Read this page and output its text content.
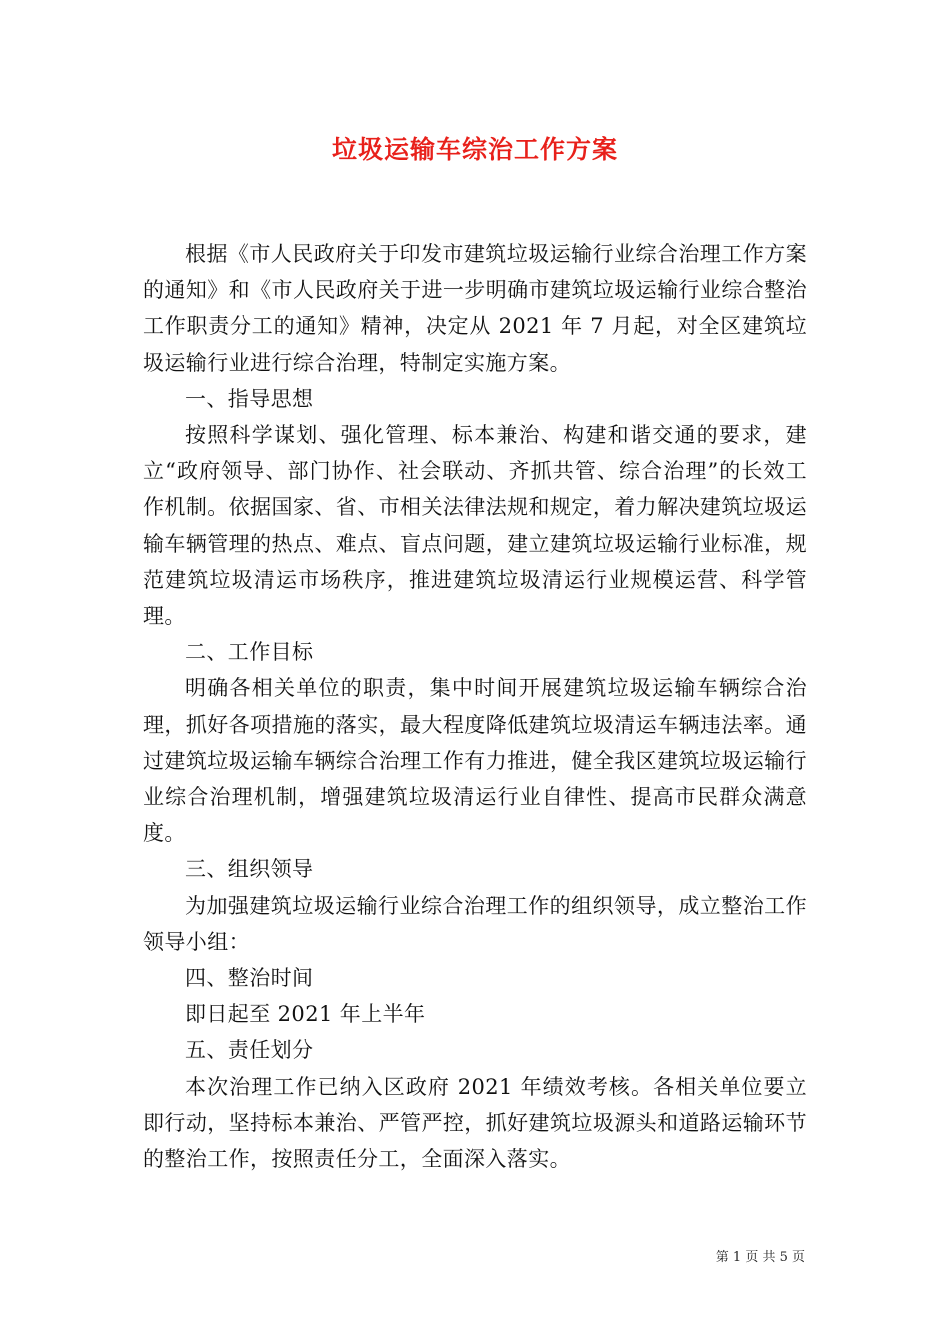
垃圾运输车综治工作方案

根据《市人民政府关于印发市建筑垃圾运输行业综合治理工作方案的通知》和《市人民政府关于进一步明确市建筑垃圾运输行业综合整治工作职责分工的通知》精神，决定从 2021 年 7 月起，对全区建筑垃圾运输行业进行综合治理，特制定实施方案。

一、指导思想

按照科学谋划、强化管理、标本兼治、构建和谐交通的要求，建立“政府领导、部门协作、社会联动、齐抓共管、综合治理”的长效工作机制。依据国家、省、市相关法律法规和规定，着力解决建筑垃圾运输车辆管理的热点、难点、盲点问题，建立建筑垃圾运输行业标准，规范建筑垃圾清运市场秩序，推进建筑垃圾清运行业规模运营、科学管理。

二、工作目标

明确各相关单位的职责，集中时间开展建筑垃圾运输车辆综合治理，抓好各项措施的落实，最大程度降低建筑垃圾清运车辆违法率。通过建筑垃圾运输车辆综合治理工作有力推进，健全我区建筑垃圾运输行业综合治理机制，增强建筑垃圾清运行业自律性、提高市民群众满意度。

三、组织领导

为加强建筑垃圾运输行业综合治理工作的组织领导，成立整治工作领导小组：

四、整治时间

即日起至 2021 年上半年

五、责任划分

本次治理工作已纳入区政府 2021 年绩效考核。各相关单位要立即行动，坚持标本兼治、严管严控，抓好建筑垃圾源头和道路运输环节的整治工作，按照责任分工，全面深入落实。

第 1 页 共 5 页
